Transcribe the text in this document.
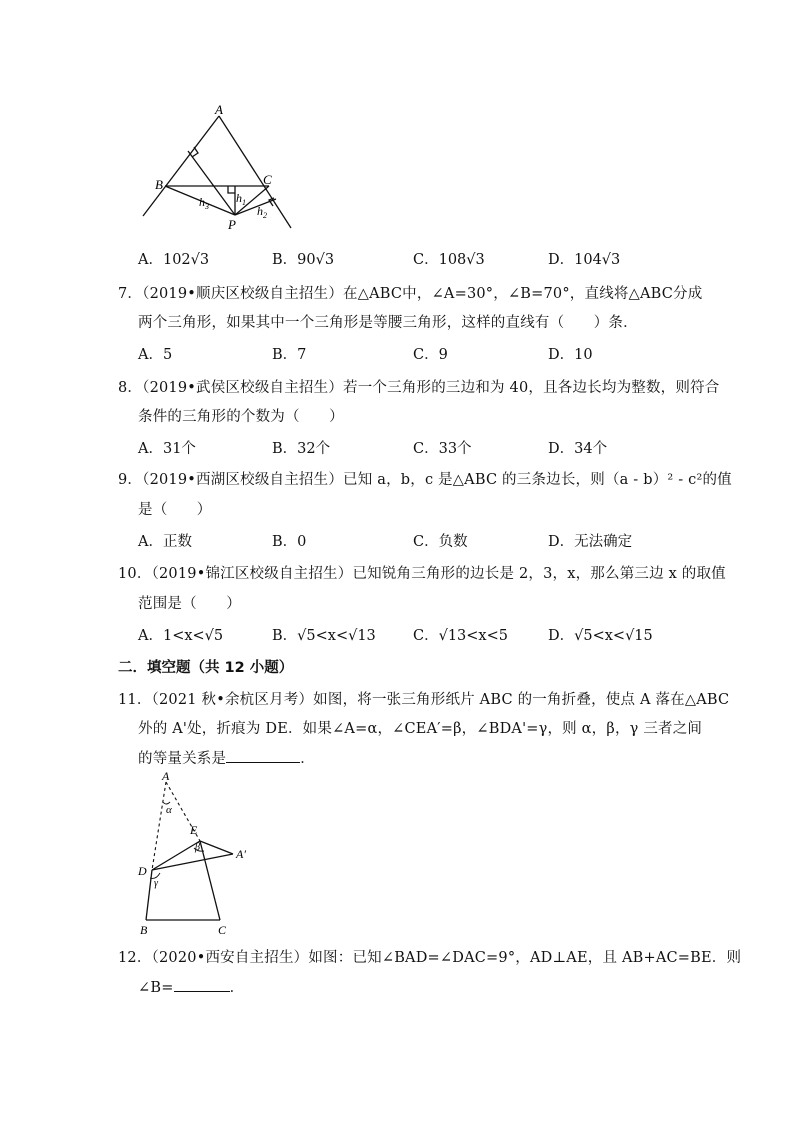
A
B	C
P
$h_1$
$h_2$
$h_3$
A．102√3	B．90√3	C．108√3	D．104√3
7．（2019•顺庆区校级自主招生）在△ABC中，∠A=30°，∠B=70°，直线将△ABC分成
两个三角形，如果其中一个三角形是等腰三角形，这样的直线有（　　）条．
A．5	B．7	C．9	D．10
8．（2019•武侯区校级自主招生）若一个三角形的三边和为 40，且各边长均为整数，则符合
条件的三角形的个数为（　　）
A．31个	B．32个	C．33个	D．34个
9．（2019•西湖区校级自主招生）已知 a，b，c 是△ABC 的三条边长，则（a - b）² - c²的值
是（　　）
A．正数	B．0	C．负数	D．无法确定
10．（2019•锦江区校级自主招生）已知锐角三角形的边长是 2，3，x，那么第三边 x 的取值
范围是（　　）
A．1<x<√5	B．√5<x<√13	C．√13<x<5	D．√5<x<√15
二．填空题（共 12 小题）
11．（2021 秋•余杭区月考）如图，将一张三角形纸片 ABC 的一角折叠，使点 A 落在△ABC
外的 A'处，折痕为 DE．如果∠A=α，∠CEA′=β，∠BDA'=γ，则 α，β，γ 三者之间
的等量关系是	．
A
α
E
β	A′
D
γ
B	C
12．（2020•西安自主招生）如图：已知∠BAD=∠DAC=9°，AD⊥AE，且 AB+AC=BE．则
∠B=	．
